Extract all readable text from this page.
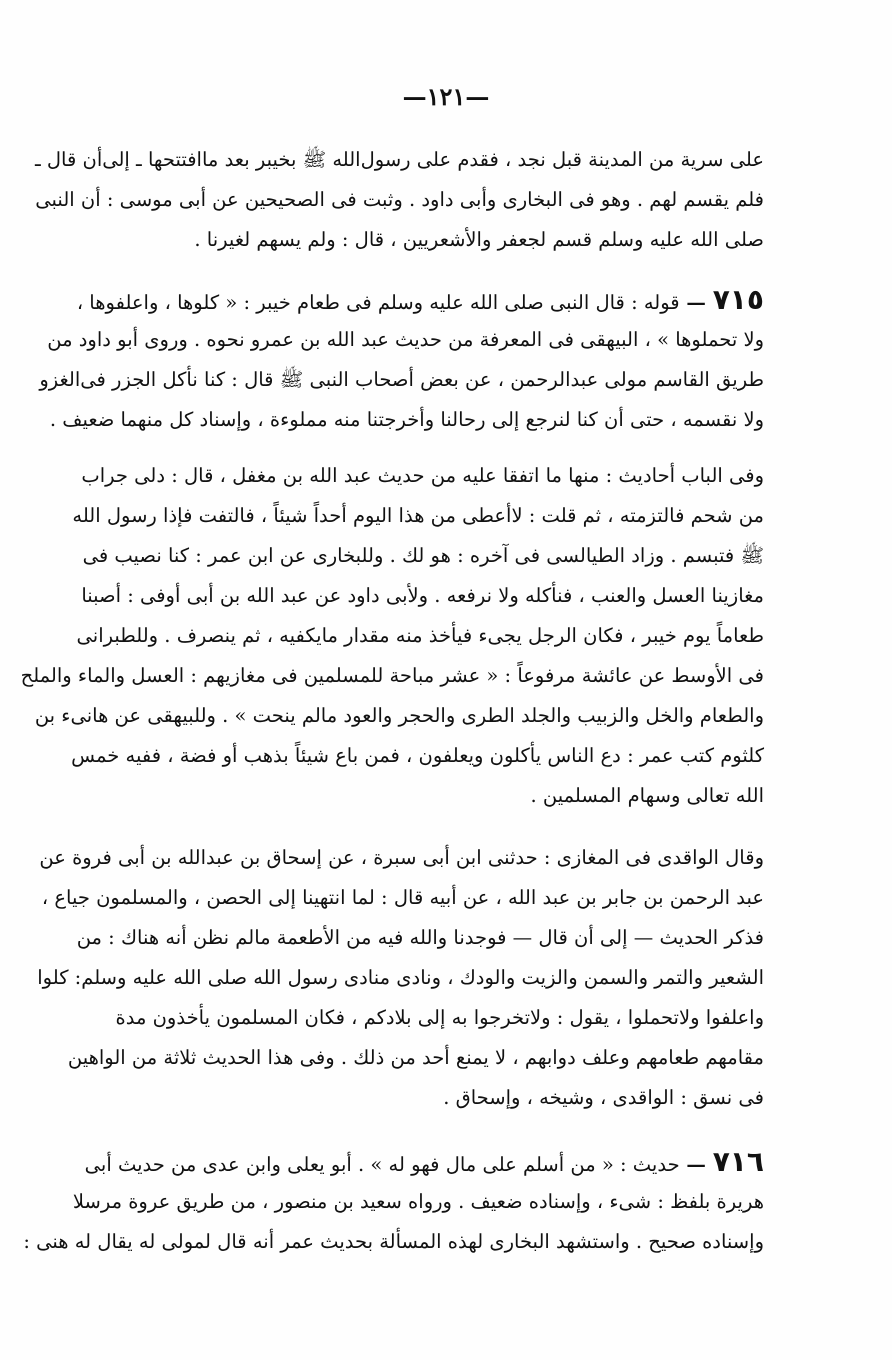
—١٢١—
على سرية من المدينة قبل نجد ، فقدم على رسول‌الله ﷺ بخيبر بعد ماافتتحها ـ إلى‌أن قال ـ
فلم يقسم لهم . وهو فى البخارى وأبى داود . وثبت فى الصحيحين عن أبى موسى : أن النبى
صلى الله عليه وسلم قسم لجعفر والأشعريين ، قال : ولم يسهم لغيرنا .
٧١٥ — قوله : قال النبى صلى الله عليه وسلم فى طعام خيبر : « كلوها ، واعلفوها ،
ولا تحملوها » ، البيهقى فى المعرفة من حديث عبد الله بن عمرو نحوه . وروى أبو داود من
طريق القاسم مولى عبدالرحمن ، عن بعض أصحاب النبى ﷺ قال : كنا نأكل الجزر فى‌الغزو
ولا نقسمه ، حتى أن كنا لنرجع إلى رحالنا وأخرجتنا منه مملوءة ، وإسناد كل منهما ضعيف .
وفى الباب أحاديث : منها ما اتفقا عليه من حديث عبد الله بن مغفل ، قال : دلى جراب
من شحم فالتزمته ، ثم قلت : لاأعطى من هذا اليوم أحداً شيئاً ، فالتفت فإذا رسول الله
ﷺ فتبسم . وزاد الطيالسى فى آخره : هو لك . وللبخارى عن ابن عمر : كنا نصيب فى
مغازينا العسل والعنب ، فنأكله ولا نرفعه . ولأبى داود عن عبد الله بن أبى أوفى : أصبنا
طعاماً يوم خيبر ، فكان الرجل يجىء فيأخذ منه مقدار مايكفيه ، ثم ينصرف . وللطبرانى
فى الأوسط عن عائشة مرفوعاً : « عشر مباحة للمسلمين فى مغازيهم : العسل والماء والملح
والطعام والخل والزبيب والجلد الطرى والحجر والعود مالم ينحت » . وللبيهقى عن هانىء بن
كلثوم كتب عمر : دع الناس يأكلون ويعلفون ، فمن باع شيئاً بذهب أو فضة ، ففيه خمس
الله تعالى وسهام المسلمين .
وقال الواقدى فى المغازى : حدثنى ابن أبى سبرة ، عن إسحاق بن عبدالله بن أبى فروة عن
عبد الرحمن بن جابر بن عبد الله ، عن أبيه قال : لما انتهينا إلى الحصن ، والمسلمون جياع ،
فذكر الحديث — إلى أن قال — فوجدنا والله فيه من الأطعمة مالم نظن أنه هناك : من
الشعير والتمر والسمن والزيت والودك ، ونادى منادى رسول الله صلى الله عليه وسلم: كلوا
واعلفوا ولاتحملوا ، يقول : ولاتخرجوا به إلى بلادكم ، فكان المسلمون يأخذون مدة
مقامهم طعامهم وعلف دوابهم ، لا يمنع أحد من ذلك . وفى هذا الحديث ثلاثة من الواهين
فى نسق : الواقدى ، وشيخه ، وإسحاق .
٧١٦ — حديث : « من أسلم على مال فهو له » . أبو يعلى وابن عدى من حديث أبى
هريرة بلفظ : شىء ، وإسناده ضعيف . ورواه سعيد بن منصور ، من طريق عروة مرسلا
وإسناده صحيح . واستشهد البخارى لهذه المسألة بحديث عمر أنه قال لمولى له يقال له هنى :
